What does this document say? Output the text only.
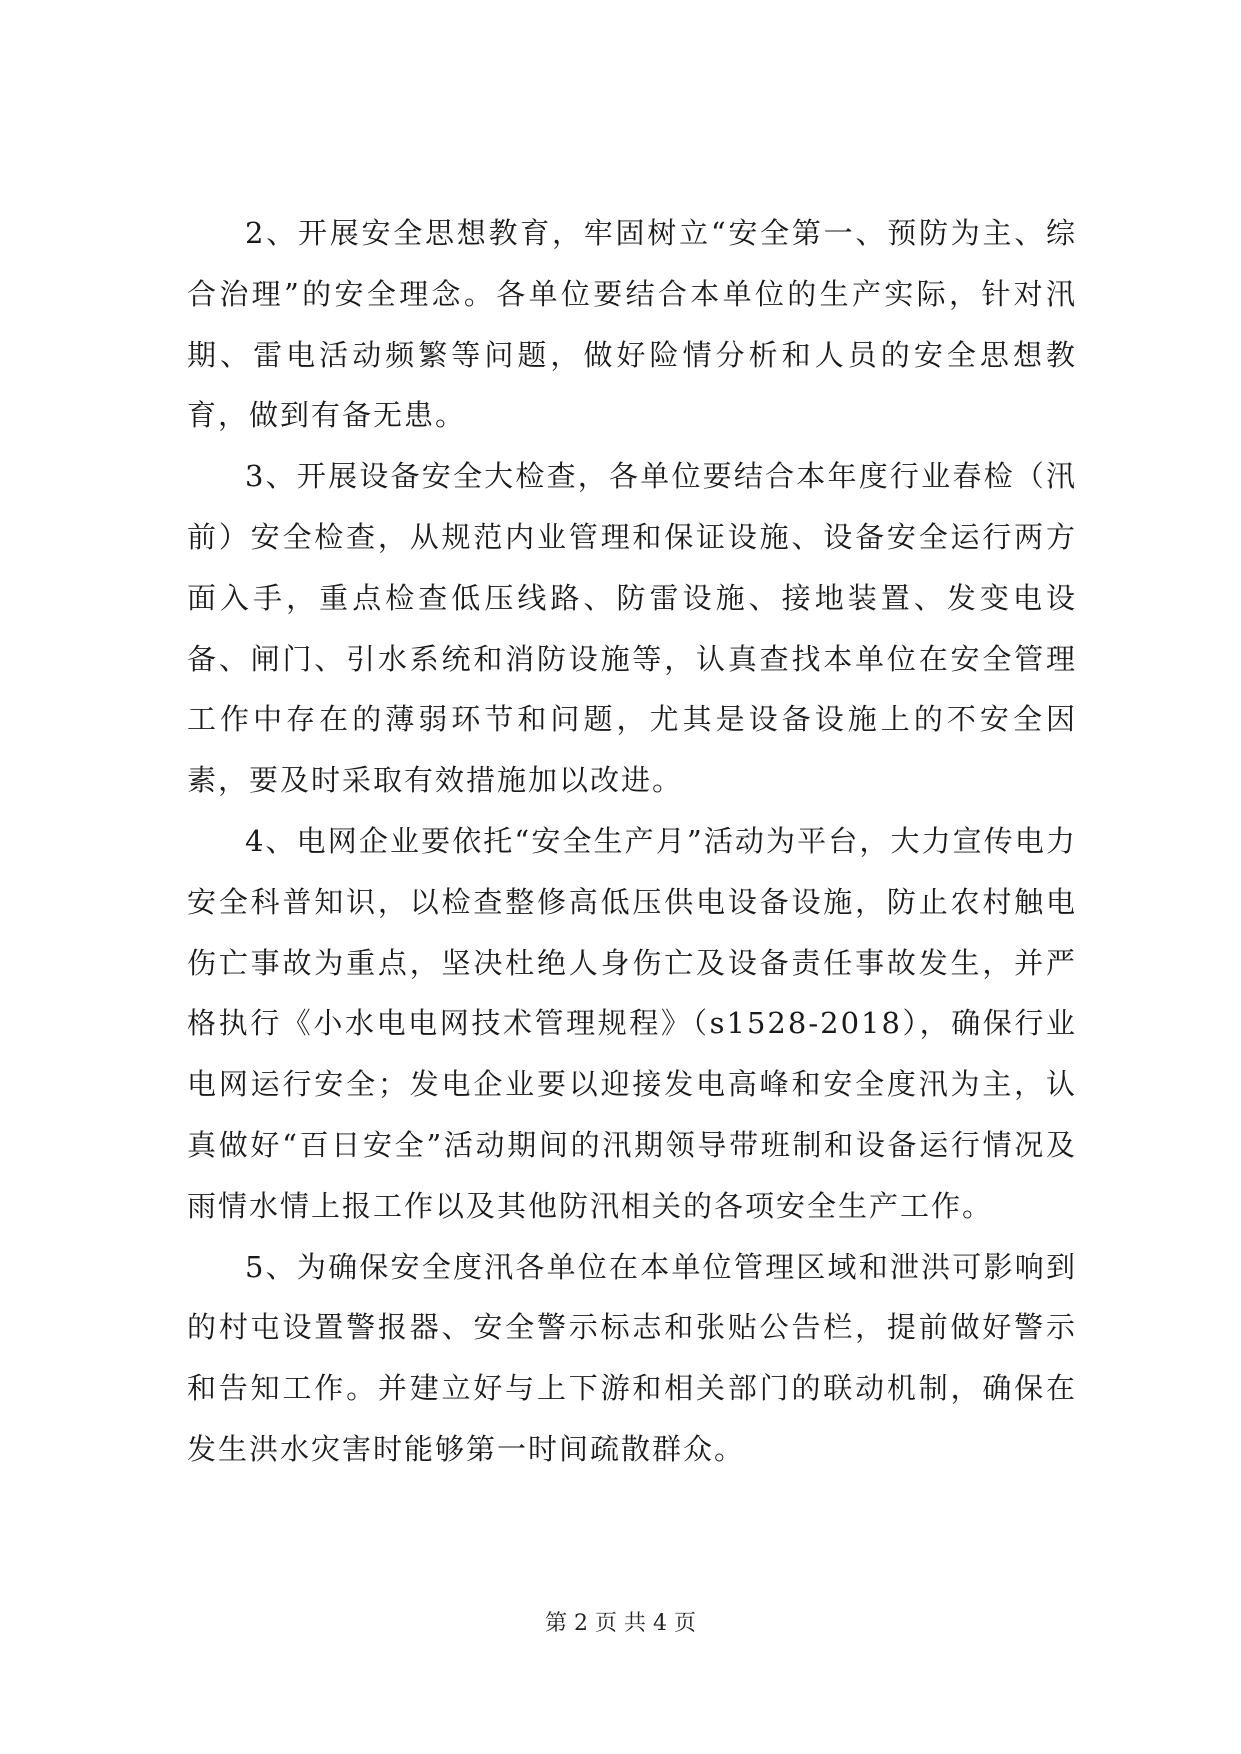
2、开展安全思想教育，牢固树立“安全第一、预防为主、综合治理”的安全理念。各单位要结合本单位的生产实际，针对汛期、雷电活动频繁等问题，做好险情分析和人员的安全思想教育，做到有备无患。

3、开展设备安全大检查，各单位要结合本年度行业春检（汛前）安全检查，从规范内业管理和保证设施、设备安全运行两方面入手，重点检查低压线路、防雷设施、接地装置、发变电设备、闸门、引水系统和消防设施等，认真查找本单位在安全管理工作中存在的薄弱环节和问题，尤其是设备设施上的不安全因素，要及时采取有效措施加以改进。

4、电网企业要依托“安全生产月”活动为平台，大力宣传电力安全科普知识，以检查整修高低压供电设备设施，防止农村触电伤亡事故为重点，坚决杜绝人身伤亡及设备责任事故发生，并严格执行《小水电电网技术管理规程》（s1528-2018），确保行业电网运行安全；发电企业要以迎接发电高峰和安全度汛为主，认真做好“百日安全”活动期间的汛期领导带班制和设备运行情况及雨情水情上报工作以及其他防汛相关的各项安全生产工作。

5、为确保安全度汛各单位在本单位管理区域和泄洪可影响到的村屯设置警报器、安全警示标志和张贴公告栏，提前做好警示和告知工作。并建立好与上下游和相关部门的联动机制，确保在发生洪水灾害时能够第一时间疏散群众。

第 2 页 共 4 页
